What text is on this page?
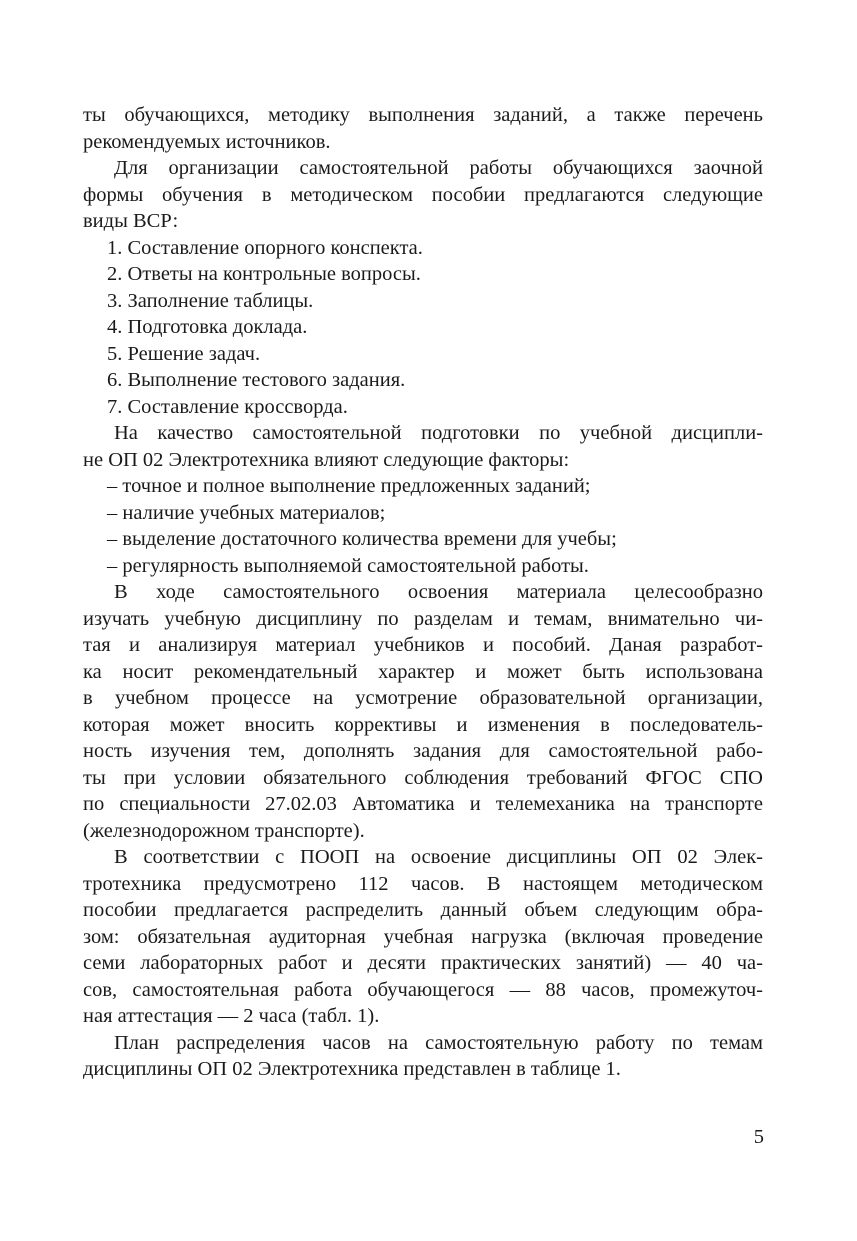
ты обучающихся, методику выполнения заданий, а также перечень
рекомендуемых источников.
Для организации самостоятельной работы обучающихся заочной
формы обучения в методическом пособии предлагаются следующие
виды ВСР:
1. Составление опорного конспекта.
2. Ответы на контрольные вопросы.
3. Заполнение таблицы.
4. Подготовка доклада.
5. Решение задач.
6. Выполнение тестового задания.
7. Составление кроссворда.
На качество самостоятельной подготовки по учебной дисципли-
не ОП 02 Электротехника влияют следующие факторы:
– точное и полное выполнение предложенных заданий;
– наличие учебных материалов;
– выделение достаточного количества времени для учебы;
– регулярность выполняемой самостоятельной работы.
В ходе самостоятельного освоения материала целесообразно
изучать учебную дисциплину по разделам и темам, внимательно чи-
тая и анализируя материал учебников и пособий. Даная разработ-
ка носит рекомендательный характер и может быть использована
в учебном процессе на усмотрение образовательной организации,
которая может вносить коррективы и изменения в последователь-
ность изучения тем, дополнять задания для самостоятельной рабо-
ты при условии обязательного соблюдения требований ФГОС СПО
по специальности 27.02.03 Автоматика и телемеханика на транспорте
(железнодорожном транспорте).
В соответствии с ПООП на освоение дисциплины ОП 02 Элек-
тротехника предусмотрено 112 часов. В настоящем методическом
пособии предлагается распределить данный объем следующим обра-
зом: обязательная аудиторная учебная нагрузка (включая проведение
семи лабораторных работ и десяти практических занятий) — 40 ча-
сов, самостоятельная работа обучающегося — 88 часов, промежуточ-
ная аттестация — 2 часа (табл. 1).
План распределения часов на самостоятельную работу по темам
дисциплины ОП 02 Электротехника представлен в таблице 1.
5
